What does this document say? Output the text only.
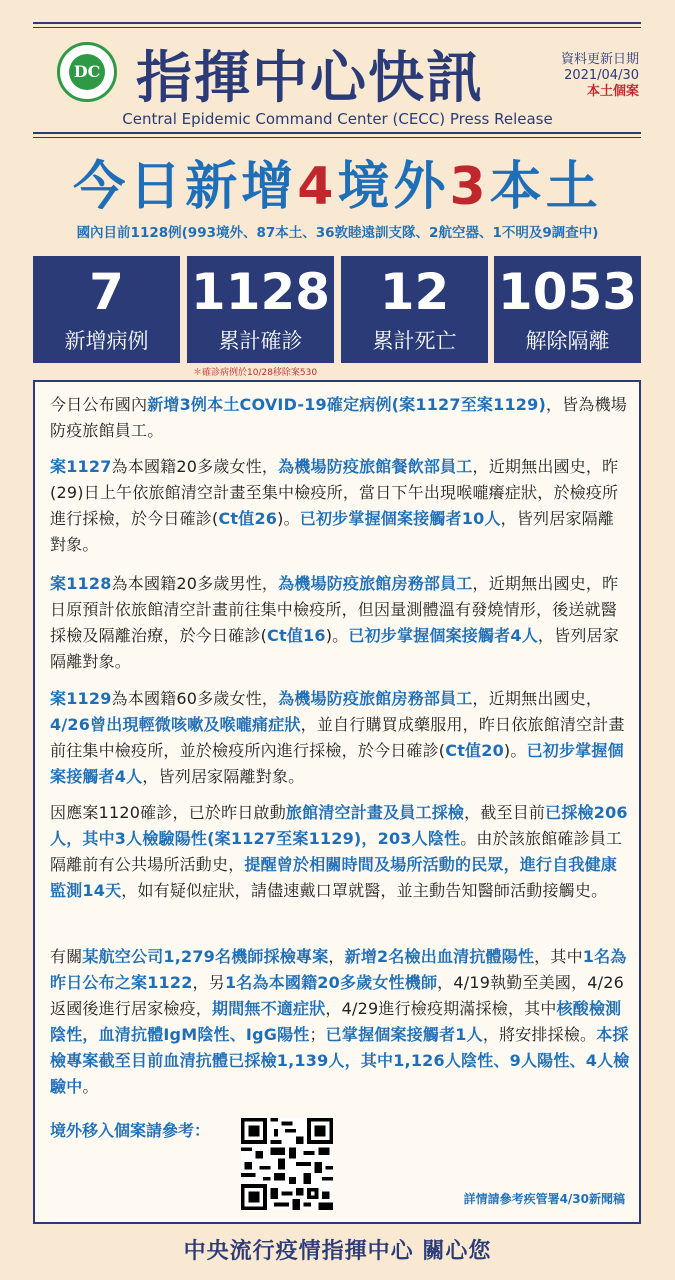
DC 指揮中心快訊	資料更新日期
2021/04/30
本土個案
Central Epidemic Command Center (CECC) Press Release
今日新增4境外3本土
國內目前1128例(993境外、87本土、36敦睦遠訓支隊、2航空器、1不明及9調查中)
7
新增病例
1128
累計確診
12
累計死亡
1053
解除隔離
＊確診病例於10/28移除案530
今日公布國內新增3例本土COVID-19確定病例(案1127至案1129)，皆為機場防疫旅館員工。
案1127為本國籍20多歲女性，為機場防疫旅館餐飲部員工，近期無出國史，昨(29)日上午依旅館清空計畫至集中檢疫所，當日下午出現喉嚨癢症狀，於檢疫所進行採檢，於今日確診(Ct值26)。已初步掌握個案接觸者10人，皆列居家隔離對象。
案1128為本國籍20多歲男性，為機場防疫旅館房務部員工，近期無出國史，昨日原預計依旅館清空計畫前往集中檢疫所，但因量測體溫有發燒情形，後送就醫採檢及隔離治療，於今日確診(Ct值16)。已初步掌握個案接觸者4人，皆列居家隔離對象。
案1129為本國籍60多歲女性，為機場防疫旅館房務部員工，近期無出國史，4/26曾出現輕微咳嗽及喉嚨痛症狀，並自行購買成藥服用，昨日依旅館清空計畫前往集中檢疫所，並於檢疫所內進行採檢，於今日確診(Ct值20)。已初步掌握個案接觸者4人，皆列居家隔離對象。
因應案1120確診，已於昨日啟動旅館清空計畫及員工採檢，截至目前已採檢206人，其中3人檢驗陽性(案1127至案1129)，203人陰性。由於該旅館確診員工隔離前有公共場所活動史，提醒曾於相關時間及場所活動的民眾，進行自我健康監測14天，如有疑似症狀，請儘速戴口罩就醫，並主動告知醫師活動接觸史。
有關某航空公司1,279名機師採檢專案，新增2名檢出血清抗體陽性，其中1名為昨日公布之案1122，另1名為本國籍20多歲女性機師，4/19執勤至美國，4/26返國後進行居家檢疫，期間無不適症狀，4/29進行檢疫期滿採檢，其中核酸檢測陰性，血清抗體IgM陰性、IgG陽性；已掌握個案接觸者1人，將安排採檢。本採檢專案截至目前血清抗體已採檢1,139人，其中1,126人陰性、9人陽性、4人檢驗中。
境外移入個案請參考：
詳情請參考疾管署4/30新聞稿
中央流行疫情指揮中心 關心您
